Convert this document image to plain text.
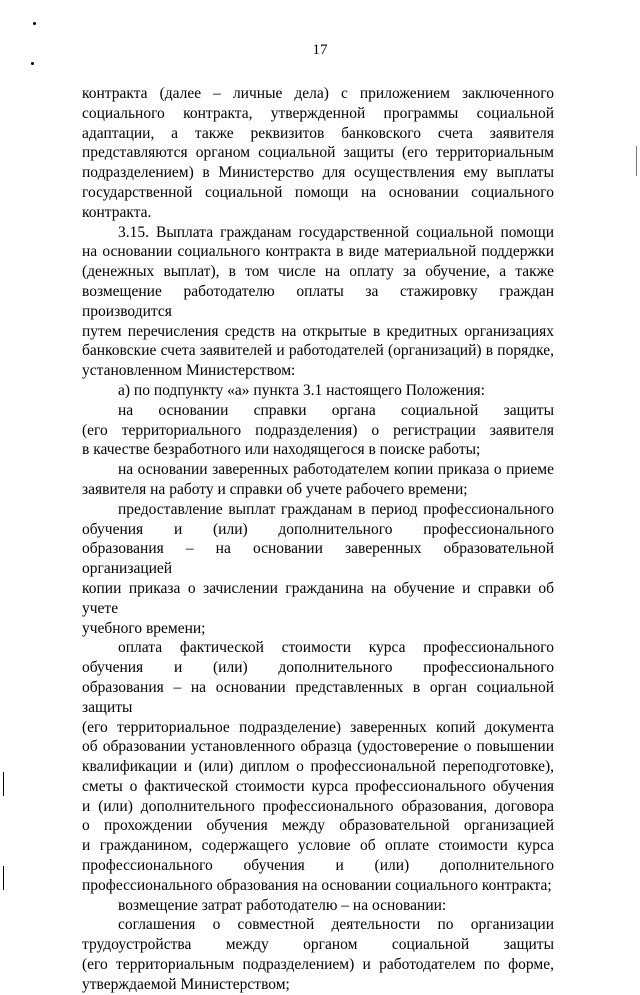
17
контракта (далее – личные дела) с приложением заключенного
социального контракта, утвержденной программы социальной
адаптации, а также реквизитов банковского счета заявителя
представляются органом социальной защиты (его территориальным
подразделением) в Министерство для осуществления ему выплаты
государственной социальной помощи на основании социального
контракта.
3.15. Выплата гражданам государственной социальной помощи
на основании социального контракта в виде материальной поддержки
(денежных выплат), в том числе на оплату за обучение, а также
возмещение работодателю оплаты за стажировку граждан производится
путем перечисления средств на открытые в кредитных организациях
банковские счета заявителей и работодателей (организаций) в порядке,
установленном Министерством:
а) по подпункту «а» пункта 3.1 настоящего Положения:
на основании справки органа социальной защиты
(его территориального подразделения) о регистрации заявителя
в качестве безработного или находящегося в поиске работы;
на основании заверенных работодателем копии приказа о приеме
заявителя на работу и справки об учете рабочего времени;
предоставление выплат гражданам в период профессионального
обучения и (или) дополнительного профессионального
образования – на основании заверенных образовательной организацией
копии приказа о зачислении гражданина на обучение и справки об учете
учебного времени;
оплата фактической стоимости курса профессионального
обучения и (или) дополнительного профессионального
образования – на основании представленных в орган социальной защиты
(его территориальное подразделение) заверенных копий документа
об образовании установленного образца (удостоверение о повышении
квалификации и (или) диплом о профессиональной переподготовке),
сметы о фактической стоимости курса профессионального обучения
и (или) дополнительного профессионального образования, договора
о прохождении обучения между образовательной организацией
и гражданином, содержащего условие об оплате стоимости курса
профессионального обучения и (или) дополнительного
профессионального образования на основании социального контракта;
возмещение затрат работодателю – на основании:
соглашения о совместной деятельности по организации
трудоустройства между органом социальной защиты
(его территориальным подразделением) и работодателем по форме,
утверждаемой Министерством;
